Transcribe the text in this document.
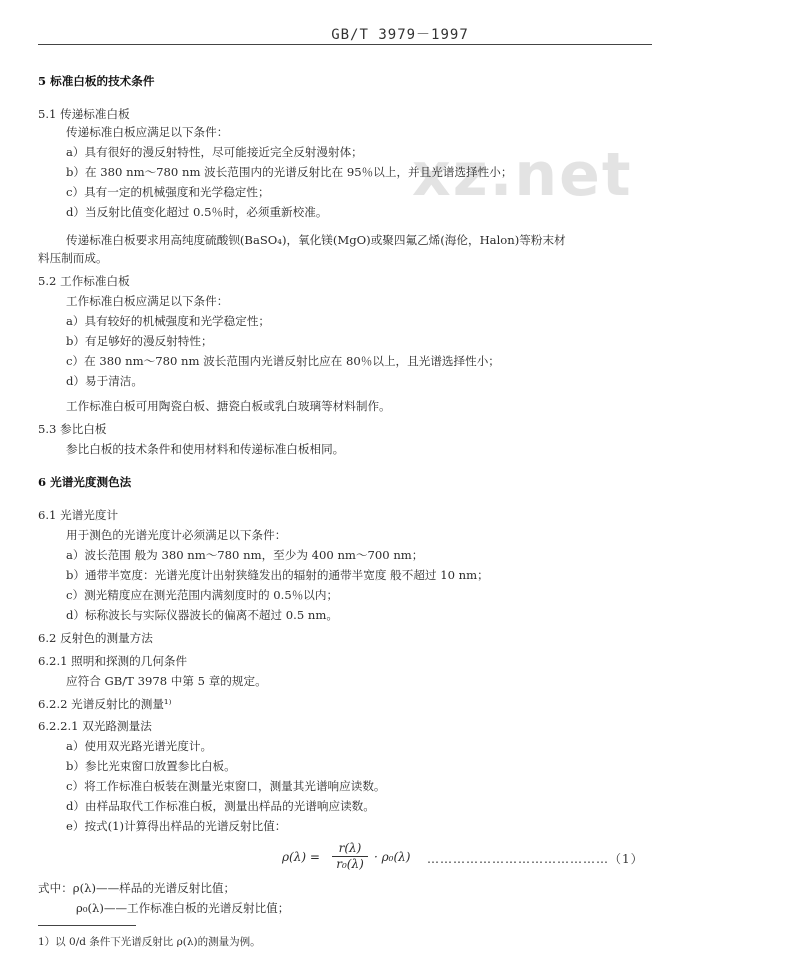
GB/T 3979－1997
xz.net
5 标准白板的技术条件
5.1 传递标准白板
传递标准白板应满足以下条件：
a）具有很好的漫反射特性，尽可能接近完全反射漫射体；
b）在 380 nm～780 nm 波长范围内的光谱反射比在 95％以上，并且光谱选择性小；
c）具有一定的机械强度和光学稳定性；
d）当反射比值变化超过 0.5％时，必须重新校准。
传递标准白板要求用高纯度硫酸钡(BaSO₄)，氧化镁(MgO)或聚四氟乙烯(海伦，Halon)等粉末材
料压制而成。
5.2 工作标准白板
工作标准白板应满足以下条件：
a）具有较好的机械强度和光学稳定性；
b）有足够好的漫反射特性；
c）在 380 nm～780 nm 波长范围内光谱反射比应在 80％以上，且光谱选择性小；
d）易于清洁。
工作标准白板可用陶瓷白板、搪瓷白板或乳白玻璃等材料制作。
5.3 参比白板
参比白板的技术条件和使用材料和传递标准白板相同。
6 光谱光度测色法
6.1 光谱光度计
用于测色的光谱光度计必须满足以下条件：
a）波长范围 般为 380 nm～780 nm，至少为 400 nm～700 nm；
b）通带半宽度：光谱光度计出射狭缝发出的辐射的通带半宽度 般不超过 10 nm；
c）测光精度应在测光范围内满刻度时的 0.5％以内；
d）标称波长与实际仪器波长的偏离不超过 0.5 nm。
6.2 反射色的测量方法
6.2.1 照明和探测的几何条件
应符合 GB/T 3978 中第 5 章的规定。
6.2.2 光谱反射比的测量¹⁾
6.2.2.1 双光路测量法
a）使用双光路光谱光度计。
b）参比光束窗口放置参比白板。
c）将工作标准白板装在测量光束窗口，测量其光谱响应读数。
d）由样品取代工作标准白板，测量出样品的光谱响应读数。
e）按式(1)计算得出样品的光谱反射比值：
ρ(λ) =
r(λ)
r₀(λ) · ρ₀(λ) ……………………………………（1）
式中：ρ(λ)——样品的光谱反射比值；
ρ₀(λ)——工作标准白板的光谱反射比值；
1）以 0/d 条件下光谱反射比 ρ(λ)的测量为例。
